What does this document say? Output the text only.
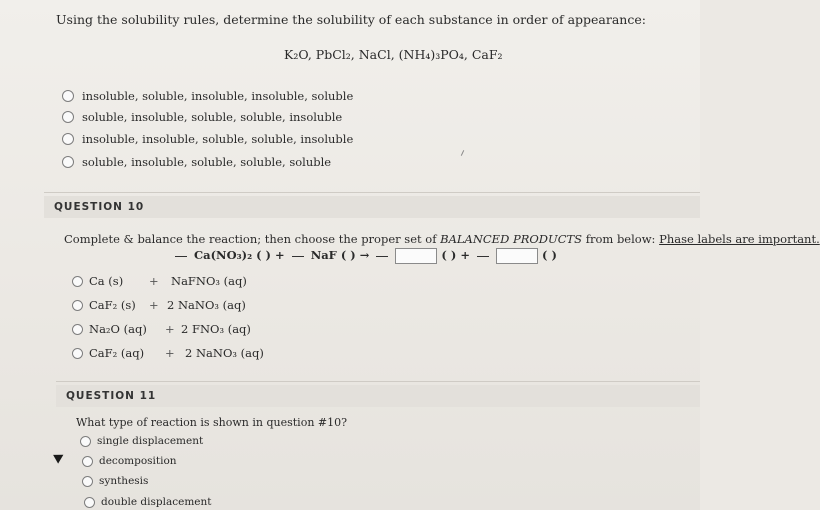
Using the solubility rules, determine the solubility of each substance in order of appearance:
K₂O, PbCl₂, NaCl, (NH₄)₃PO₄, CaF₂
insoluble, soluble, insoluble, insoluble, soluble
soluble, insoluble, soluble, soluble, insoluble
insoluble, insoluble, soluble, soluble, insoluble
soluble, insoluble, soluble, soluble, soluble
QUESTION 10
Complete & balance the reaction; then choose the proper set of BALANCED PRODUCTS from below: Phase labels are important.
Ca(NO₃)₂ ( ) + NaF ( ) →	( ) +	( )
Ca (s)	+	NaFNO₃ (aq)
CaF₂ (s)	+ 2 NaNO₃ (aq)
Na₂O (aq)	+ 2 FNO₃ (aq)
CaF₂ (aq)	+ 2 NaNO₃ (aq)
QUESTION 11
What type of reaction is shown in question #10?
single displacement
decomposition
synthesis
double displacement
